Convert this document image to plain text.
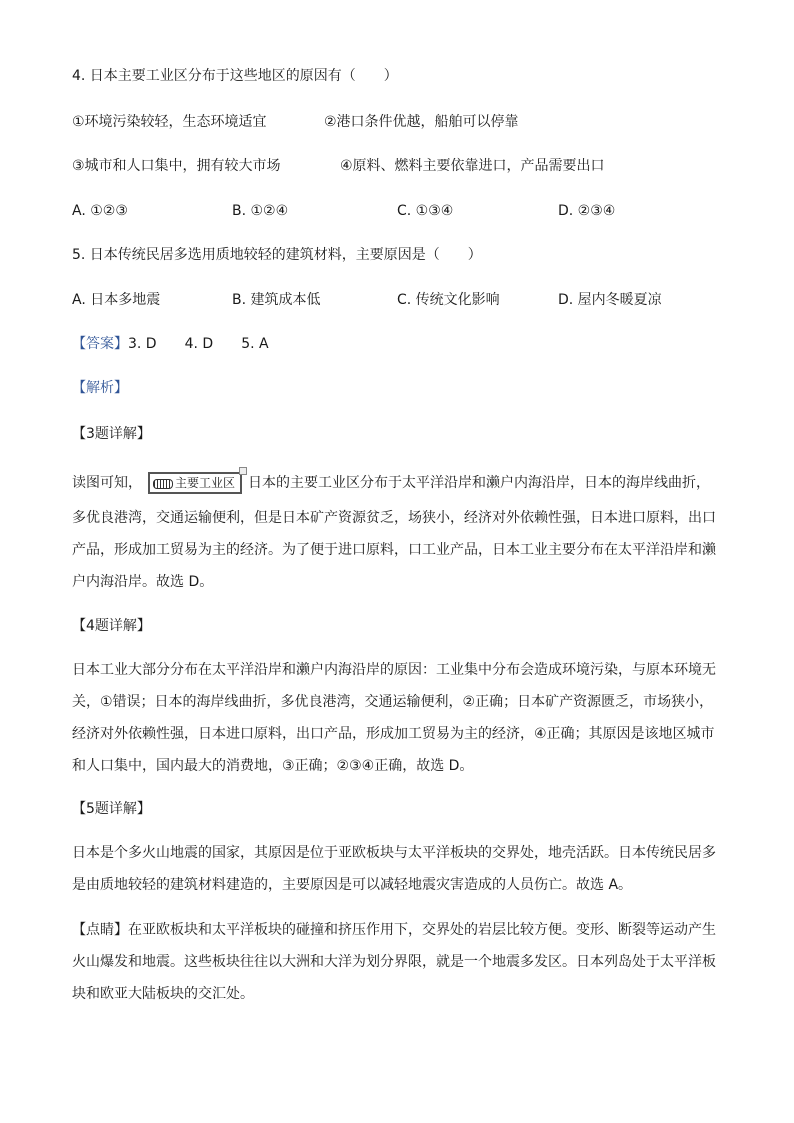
4. 日本主要工业区分布于这些地区的原因有（　　）
①环境污染较轻，生态环境适宜	②港口条件优越，船舶可以停靠
③城市和人口集中，拥有较大市场	④原料、燃料主要依靠进口，产品需要出口
A. ①②③	B. ①②④	C. ①③④	D. ②③④
5. 日本传统民居多选用质地较轻的建筑材料，主要原因是（　　）
A. 日本多地震	B. 建筑成本低	C. 传统文化影响	D. 屋内冬暖夏凉
【答案】3. D 4. D 5. A
【解析】
【3题详解】
读图可知，	主要工业区 日本的主要工业区分布于太平洋沿岸和濑户内海沿岸，日本的海岸线曲折，
多优良港湾，交通运输便利，但是日本矿产资源贫乏，场狭小，经济对外依赖性强，日本进口原料，出口
产品，形成加工贸易为主的经济。为了便于进口原料，口工业产品，日本工业主要分布在太平洋沿岸和濑
户内海沿岸。故选 D。
【4题详解】
日本工业大部分分布在太平洋沿岸和濑户内海沿岸的原因：工业集中分布会造成环境污染，与原本环境无
关，①错误；日本的海岸线曲折，多优良港湾，交通运输便利，②正确；日本矿产资源匮乏，市场狭小，
经济对外依赖性强，日本进口原料，出口产品，形成加工贸易为主的经济，④正确；其原因是该地区城市
和人口集中，国内最大的消费地，③正确；②③④正确，故选 D。
【5题详解】
日本是个多火山地震的国家，其原因是位于亚欧板块与太平洋板块的交界处，地壳活跃。日本传统民居多
是由质地较轻的建筑材料建造的，主要原因是可以减轻地震灾害造成的人员伤亡。故选 A。
【点睛】在亚欧板块和太平洋板块的碰撞和挤压作用下，交界处的岩层比较方便。变形、断裂等运动产生
火山爆发和地震。这些板块往往以大洲和大洋为划分界限，就是一个地震多发区。日本列岛处于太平洋板
块和欧亚大陆板块的交汇处。
